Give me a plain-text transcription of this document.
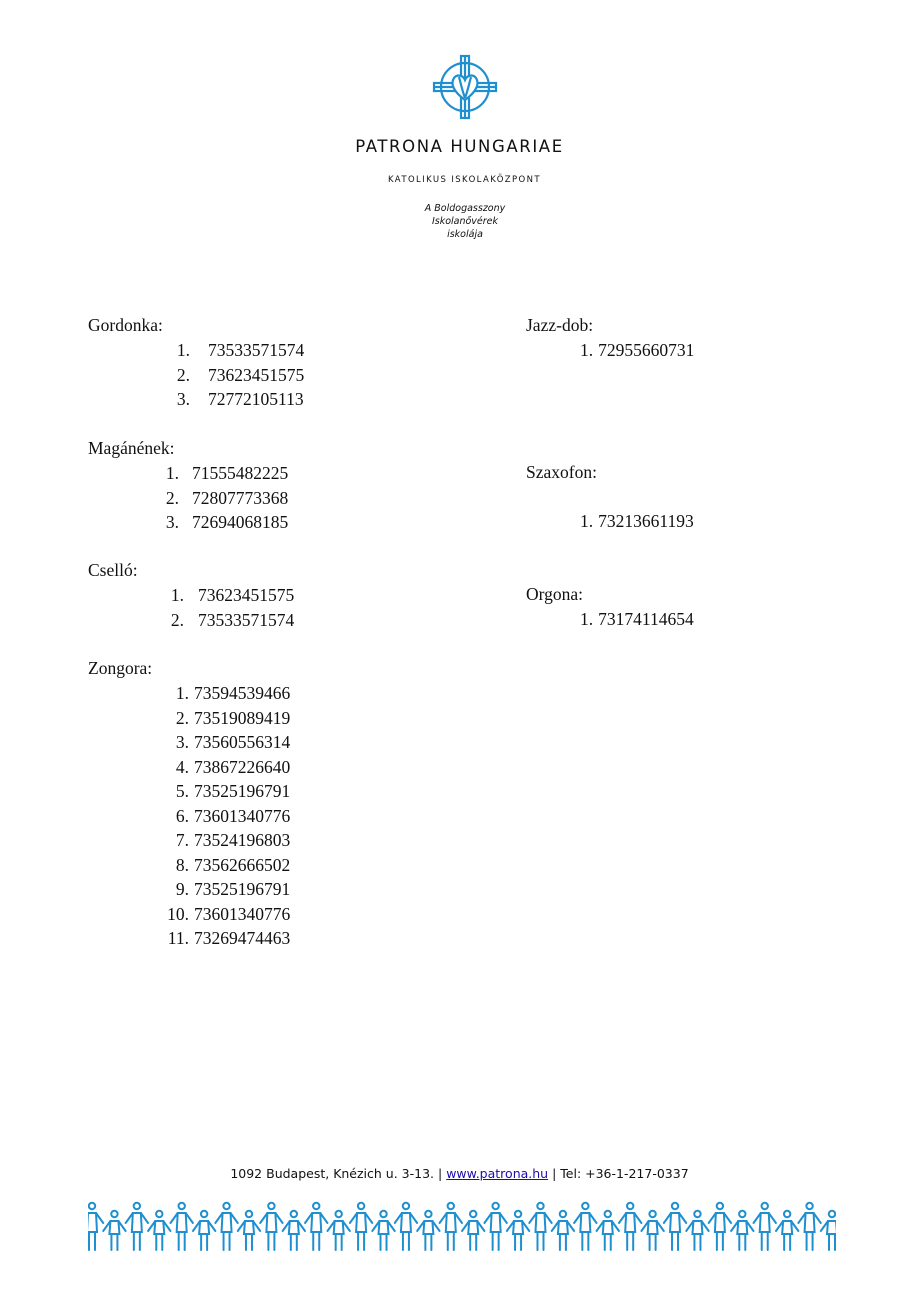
PATRONA HUNGARIAE
KATOLIKUS ISKOLAKÖZPONT
A Boldogasszony
Iskolanővérek
iskolája
Gordonka:
1. 73533571574
2. 73623451575
3. 72772105113
Magánének:
1. 71555482225
2. 72807773368
3. 72694068185
Cselló:
1. 73623451575
2. 73533571574
Zongora:
1. 73594539466
2. 73519089419
3. 73560556314
4. 73867226640
5. 73525196791
6. 73601340776
7. 73524196803
8. 73562666502
9. 73525196791
10. 73601340776
11. 73269474463
Jazz-dob:
1. 72955660731
Szaxofon:
1. 73213661193
Orgona:
1. 73174114654
1092 Budapest, Knézich u. 3-13. | www.patrona.hu | Tel: +36-1-217-0337
